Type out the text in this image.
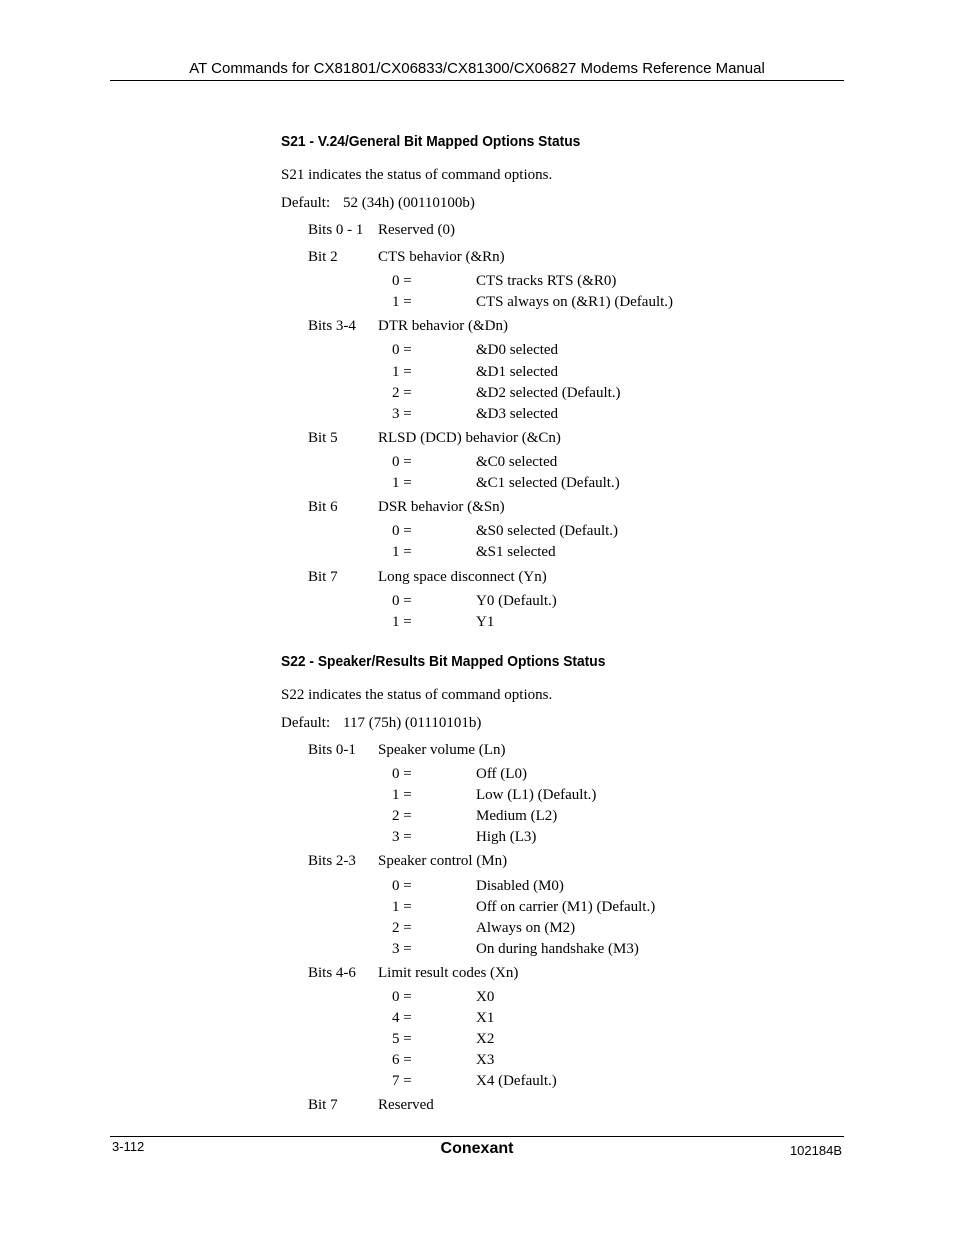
AT Commands for CX81801/CX06833/CX81300/CX06827 Modems Reference Manual
S21 - V.24/General Bit Mapped Options Status
S21 indicates the status of command options.
Default: 52 (34h) (00110100b)
Bits 0 - 1 Reserved (0)
Bit 2	CTS behavior (&Rn)
0 =	CTS tracks RTS (&R0)
1 =	CTS always on (&R1) (Default.)
Bits 3-4 DTR behavior (&Dn)
0 =	&D0 selected
1 =	&D1 selected
2 =	&D2 selected (Default.)
3 =	&D3 selected
Bit 5	RLSD (DCD) behavior (&Cn)
0 =	&C0 selected
1 =	&C1 selected (Default.)
Bit 6	DSR behavior (&Sn)
0 =	&S0 selected (Default.)
1 =	&S1 selected
Bit 7	Long space disconnect (Yn)
0 =	Y0 (Default.)
1 =	Y1
S22 - Speaker/Results Bit Mapped Options Status
S22 indicates the status of command options.
Default: 117 (75h) (01110101b)
Bits 0-1 Speaker volume (Ln)
0 =	Off (L0)
1 =	Low (L1) (Default.)
2 =	Medium (L2)
3 =	High (L3)
Bits 2-3 Speaker control (Mn)
0 =	Disabled (M0)
1 =	Off on carrier (M1) (Default.)
2 =	Always on (M2)
3 =	On during handshake (M3)
Bits 4-6 Limit result codes (Xn)
0 =	X0
4 =	X1
5 =	X2
6 =	X3
7 =	X4 (Default.)
Bit 7	Reserved
3-112	Conexant	102184B
